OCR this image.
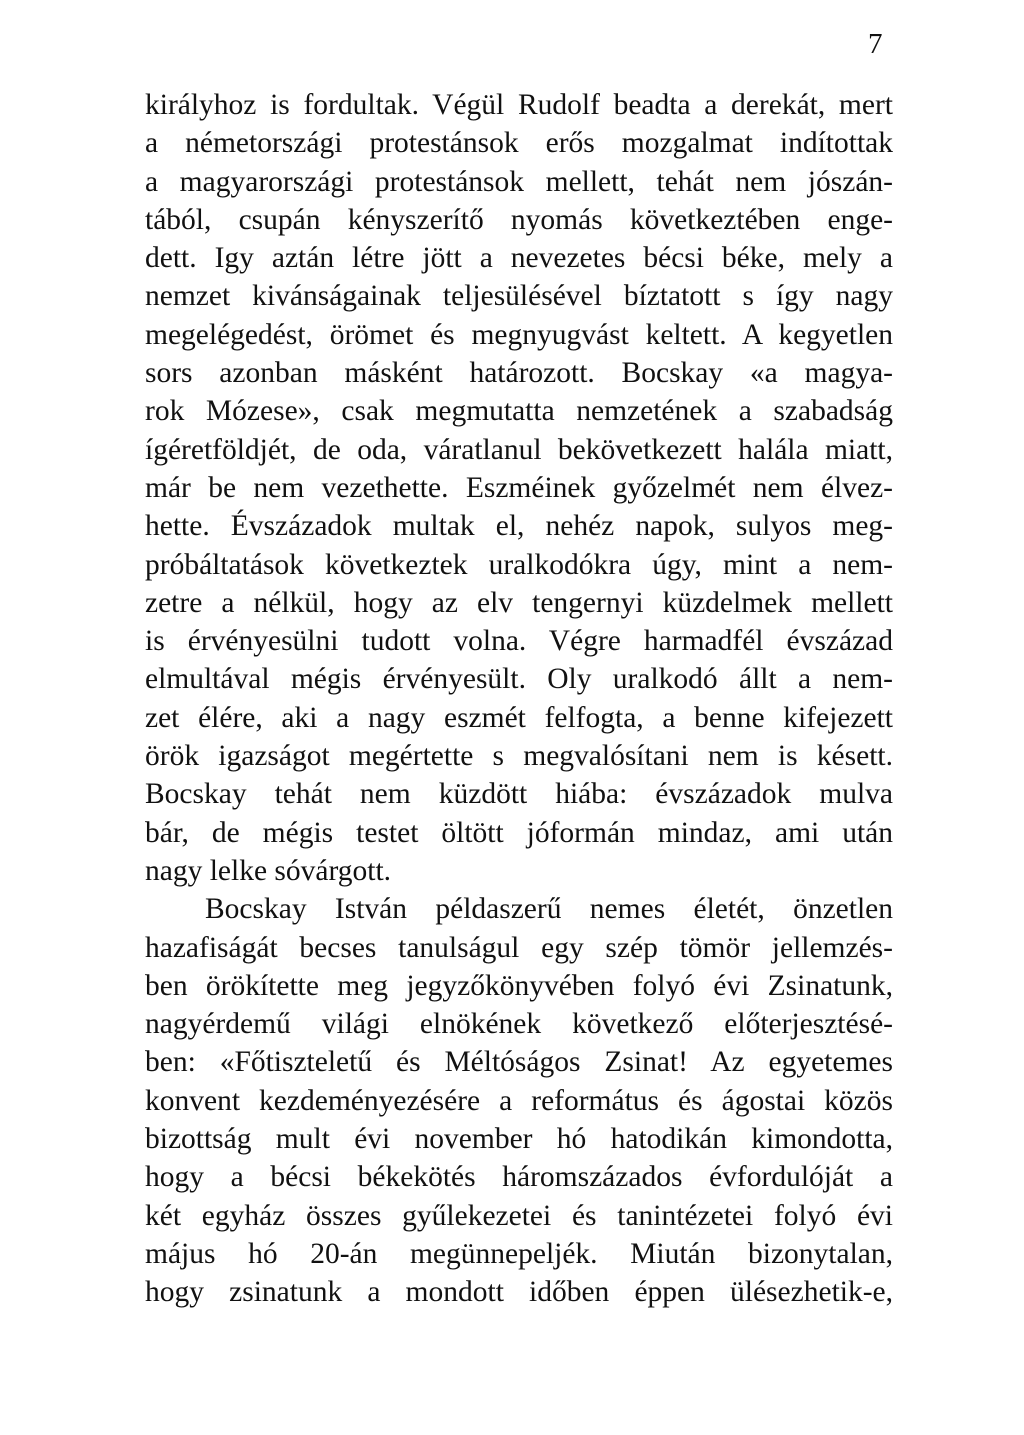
7
királyhoz is fordultak. Végül Rudolf beadta a derekát, mert
a németországi protestánsok erős mozgalmat indítottak
a magyarországi protestánsok mellett, tehát nem jószán-
tából, csupán kényszerítő nyomás következtében enge-
dett. Igy aztán létre jött a nevezetes bécsi béke, mely a
nemzet kivánságainak teljesülésével bíztatott s így nagy
megelégedést, örömet és megnyugvást keltett. A kegyetlen
sors azonban másként határozott. Bocskay «a magya-
rok Mózese», csak megmutatta nemzetének a szabadság
ígéretföldjét, de oda, váratlanul bekövetkezett halála miatt,
már be nem vezethette. Eszméinek győzelmét nem élvez-
hette. Évszázadok multak el, nehéz napok, sulyos meg-
próbáltatások következtek uralkodókra úgy, mint a nem-
zetre a nélkül, hogy az elv tengernyi küzdelmek mellett
is érvényesülni tudott volna. Végre harmadfél évszázad
elmultával mégis érvényesült. Oly uralkodó állt a nem-
zet élére, aki a nagy eszmét felfogta, a benne kifejezett
örök igazságot megértette s megvalósítani nem is késett.
Bocskay tehát nem küzdött hiába: évszázadok mulva
bár, de mégis testet öltött jóformán mindaz, ami után
nagy lelke sóvárgott.
Bocskay István példaszerű nemes életét, önzetlen
hazafiságát becses tanulságul egy szép tömör jellemzés-
ben örökítette meg jegyzőkönyvében folyó évi Zsinatunk,
nagyérdemű világi elnökének következő előterjesztésé-
ben: «Főtiszteletű és Méltóságos Zsinat! Az egyetemes
konvent kezdeményezésére a református és ágostai közös
bizottság mult évi november hó hatodikán kimondotta,
hogy a bécsi békekötés háromszázados évfordulóját a
két egyház összes gyűlekezetei és tanintézetei folyó évi
május hó 20-án megünnepeljék. Miután bizonytalan,
hogy zsinatunk a mondott időben éppen ülésezhetik-e,
